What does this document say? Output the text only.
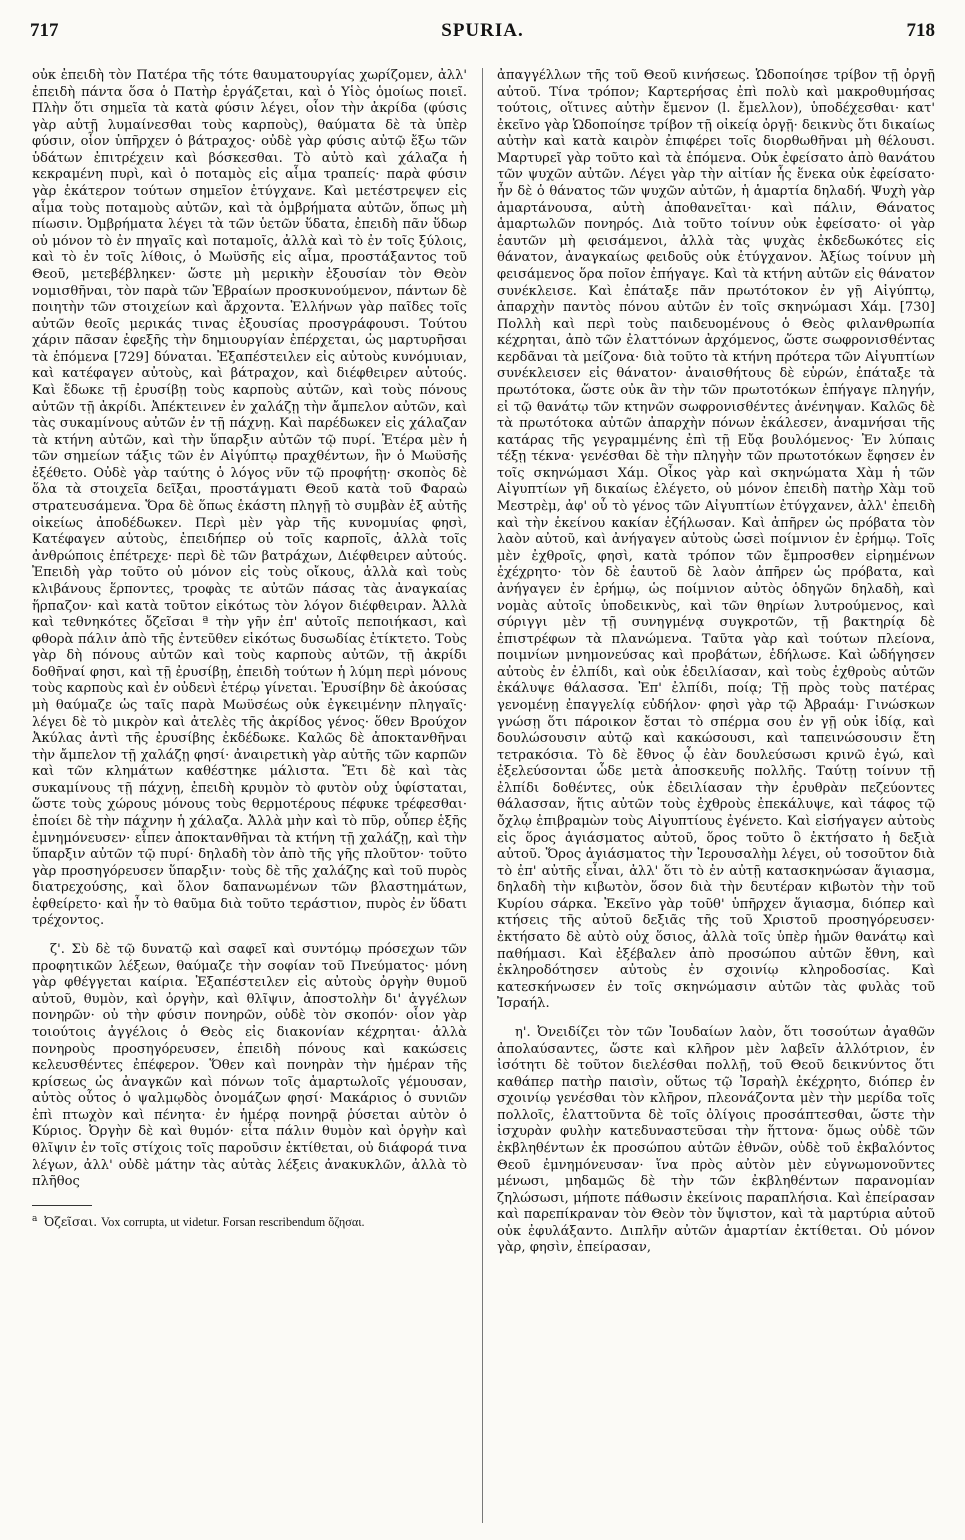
717	SPURIA.	718

οὐκ ἐπειδὴ τὸν Πατέρα τῆς τότε θαυματουργίας χωρίζομεν, ἀλλ' ἐπειδὴ πάντα ὅσα ὁ Πατὴρ ἐργάζεται, καὶ ὁ Υἱὸς ὁμοίως ποιεῖ. Πλὴν ὅτι σημεῖα τὰ κατὰ φύσιν λέγει, οἷον τὴν ἀκρίδα (φύσις γὰρ αὐτῇ λυμαίνεσθαι τοὺς καρποὺς), θαύματα δὲ τὰ ὑπὲρ φύσιν, οἷον ὑπῆρχεν ὁ βάτραχος· οὐδὲ γὰρ φύσις αὐτῷ ἔξω τῶν ὑδάτων ἐπιτρέχειν καὶ βόσκεσθαι. Τὸ αὐτὸ καὶ χάλαζα ἡ κεκραμένη πυρὶ, καὶ ὁ ποταμὸς εἰς αἷμα τραπείς· παρὰ φύσιν γὰρ ἑκάτερον τούτων σημεῖον ἐτύγχανε. Καὶ μετέστρεψεν εἰς αἷμα τοὺς ποταμοὺς αὐτῶν, καὶ τὰ ὀμβρήματα αὐτῶν, ὅπως μὴ πίωσιν. Ὀμβρήματα λέγει τὰ τῶν ὑετῶν ὕδατα, ἐπειδὴ πᾶν ὕδωρ οὐ μόνον τὸ ἐν πηγαῖς καὶ ποταμοῖς, ἀλλὰ καὶ τὸ ἐν τοῖς ξύλοις, καὶ τὸ ἐν τοῖς λίθοις, ὁ Μωϋσῆς εἰς αἷμα, προστάξαντος τοῦ Θεοῦ, μετεβέβληκεν· ὥστε μὴ μερικὴν ἐξουσίαν τὸν Θεὸν νομισθῆναι, τὸν παρὰ τῶν Ἑβραίων προσκυνούμενον, πάντων δὲ ποιητὴν τῶν στοιχείων καὶ ἄρχοντα. Ἑλλήνων γὰρ παῖδες τοῖς αὐτῶν θεοῖς μερικάς τινας ἐξουσίας προσγράφουσι. Τούτου χάριν πᾶσαν ἐφεξῆς τὴν δημιουργίαν ἐπέρχεται, ὡς μαρτυρῆσαι τὰ ἑπόμενα [729] δύναται. Ἐξαπέστειλεν εἰς αὐτοὺς κυνόμυιαν, καὶ κατέφαγεν αὐτοὺς, καὶ βάτραχον, καὶ διέφθειρεν αὐτούς. Καὶ ἔδωκε τῇ ἐρυσίβῃ τοὺς καρποὺς αὐτῶν, καὶ τοὺς πόνους αὐτῶν τῇ ἀκρίδι. Ἀπέκτεινεν ἐν χαλάζῃ τὴν ἄμπελον αὐτῶν, καὶ τὰς συκαμίνους αὐτῶν ἐν τῇ πάχνῃ. Καὶ παρέδωκεν εἰς χάλαζαν τὰ κτήνη αὐτῶν, καὶ τὴν ὕπαρξιν αὐτῶν τῷ πυρί. Ἑτέρα μὲν ἡ τῶν σημείων τάξις τῶν ἐν Αἰγύπτῳ πραχθέντων, ἣν ὁ Μωϋσῆς ἐξέθετο. Οὐδὲ γὰρ ταύτης ὁ λόγος νῦν τῷ προφήτῃ· σκοπὸς δὲ ὅλα τὰ στοιχεῖα δεῖξαι, προστάγματι Θεοῦ κατὰ τοῦ Φαραὼ στρατευσάμενα. Ὅρα δὲ ὅπως ἑκάστη πληγῇ τὸ συμβὰν ἐξ αὐτῆς οἰκείως ἀποδέδωκεν. Περὶ μὲν γὰρ τῆς κυνομυίας φησὶ, Κατέφαγεν αὐτοὺς, ἐπειδήπερ οὐ τοῖς καρποῖς, ἀλλὰ τοῖς ἀνθρώποις ἐπέτρεχε· περὶ δὲ τῶν βατράχων, Διέφθειρεν αὐτούς. Ἐπειδὴ γὰρ τοῦτο οὐ μόνον εἰς τοὺς οἴκους, ἀλλὰ καὶ τοὺς κλιβάνους ἕρποντες, τροφὰς τε αὐτῶν πάσας τὰς ἀναγκαίας ἥρπαζον· καὶ κατὰ τοῦτον εἰκότως τὸν λόγον διέφθειραν. Ἀλλὰ καὶ τεθνηκότες ὄζεῖσαι ª τὴν γῆν ἐπ' αὐτοῖς πεποιήκασι, καὶ φθορὰ πάλιν ἀπὸ τῆς ἐντεῦθεν εἰκότως δυσωδίας ἐτίκτετο. Τοὺς γὰρ δὴ πόνους αὐτῶν καὶ τοὺς καρποὺς αὐτῶν, τῇ ἀκρίδι δοθῆναί φησι, καὶ τῇ ἐρυσίβῃ, ἐπειδὴ τούτων ἡ λύμη περὶ μόνους τοὺς καρποὺς καὶ ἐν οὐδενὶ ἑτέρῳ γίνεται. Ἐρυσίβην δὲ ἀκούσας μὴ θαύμαζε ὡς ταῖς παρὰ Μωϋσέως οὐκ ἐγκειμένην πληγαῖς· λέγει δὲ τὸ μικρὸν καὶ ἀτελὲς τῆς ἀκρίδος γένος· ὅθεν Βρούχον Ἀκύλας ἀντὶ τῆς ἐρυσίβης ἐκδέδωκε. Καλῶς δὲ ἀποκτανθῆναι τὴν ἄμπελον τῇ χαλάζῃ φησί· ἀναιρετικὴ γὰρ αὐτῆς τῶν καρπῶν καὶ τῶν κλημάτων καθέστηκε μάλιστα. Ἔτι δὲ καὶ τὰς συκαμίνους τῇ πάχνῃ, ἐπειδὴ κρυμὸν τὸ φυτὸν οὐχ ὑφίσταται, ὥστε τοὺς χώρους μόνους τοὺς θερμοτέρους πέφυκε τρέφεσθαι· ἐποίει δὲ τὴν πάχνην ἡ χάλαζα. Ἀλλὰ μὴν καὶ τὸ πῦρ, οὗπερ ἑξῆς ἐμνημόνευσεν· εἶπεν ἀποκτανθῆναι τὰ κτήνη τῇ χαλάζῃ, καὶ τὴν ὕπαρξιν αὐτῶν τῷ πυρί· δηλαδὴ τὸν ἀπὸ τῆς γῆς πλοῦτον· τοῦτο γὰρ προσηγόρευσεν ὕπαρξιν· τοὺς δὲ τῆς χαλάζης καὶ τοῦ πυρὸς διατρεχούσης, καὶ ὅλον δαπανωμένων τῶν βλαστημάτων, ἐφθείρετο· καὶ ἦν τὸ θαῦμα διὰ τοῦτο τεράστιον, πυρὸς ἐν ὕδατι τρέχοντος.

ζ'. Σὺ δὲ τῷ δυνατῷ καὶ σαφεῖ καὶ συντόμῳ πρόσεχων τῶν προφητικῶν λέξεων, θαύμαζε τὴν σοφίαν τοῦ Πνεύματος· μόνη γὰρ φθέγγεται καίρια. Ἐξαπέστειλεν εἰς αὐτοὺς ὀργὴν θυμοῦ αὐτοῦ, θυμὸν, καὶ ὀργὴν, καὶ θλῖψιν, ἀποστολὴν δι' ἀγγέλων πονηρῶν· οὐ τὴν φύσιν πονηρῶν, οὐδὲ τὸν σκοπόν· οἷον γὰρ τοιούτοις ἀγγέλοις ὁ Θεὸς εἰς διακονίαν κέχρηται· ἀλλὰ πονηροὺς προσηγόρευσεν, ἐπειδὴ πόνους καὶ κακώσεις κελευσθέντες ἐπέφερον. Ὅθεν καὶ πονηρὰν τὴν ἡμέραν τῆς κρίσεως ὡς ἀναγκῶν καὶ πόνων τοῖς ἁμαρτωλοῖς γέμουσαν, αὐτὸς οὗτος ὁ ψαλμῳδὸς ὀνομάζων φησί· Μακάριος ὁ συνιῶν ἐπὶ πτωχὸν καὶ πένητα· ἐν ἡμέρᾳ πονηρᾷ ῥύσεται αὐτὸν ὁ Κύριος. Ὀργὴν δὲ καὶ θυμόν· εἶτα πάλιν θυμὸν καὶ ὀργὴν καὶ θλῖψιν ἐν τοῖς στίχοις τοῖς παροῦσιν ἐκτίθεται, οὐ διάφορά τινα λέγων, ἀλλ' οὐδὲ μάτην τὰς αὐτὰς λέξεις ἀνακυκλῶν, ἀλλὰ τὸ πλῆθος

$^a$ Ὀζεῖσαι. Vox corrupta, ut videtur. Forsan rescribendum ὄζησαι.

ἀπαγγέλλων τῆς τοῦ Θεοῦ κινήσεως. Ὡδοποίησε τρίβον τῇ ὀργῇ αὐτοῦ. Τίνα τρόπον; Καρτερήσας ἐπὶ πολὺ καὶ μακροθυμήσας τούτοις, οἵτινες αὐτὴν ἔμενον (l. ἔμελλον), ὑποδέχεσθαι· κατ' ἐκεῖνο γὰρ Ὡδοποίησε τρίβον τῇ οἰκείᾳ ὀργῇ· δεικνὺς ὅτι δικαίως αὐτὴν καὶ κατὰ καιρὸν ἐπιφέρει τοῖς διορθωθῆναι μὴ θέλουσι. Μαρτυρεῖ γὰρ τοῦτο καὶ τὰ ἑπόμενα. Οὐκ ἐφείσατο ἀπὸ θανάτου τῶν ψυχῶν αὐτῶν. Λέγει γὰρ τὴν αἰτίαν ἧς ἕνεκα οὐκ ἐφείσατο· ἦν δὲ ὁ θάνατος τῶν ψυχῶν αὐτῶν, ἡ ἁμαρτία δηλαδή. Ψυχὴ γὰρ ἁμαρτάνουσα, αὐτὴ ἀποθανεῖται· καὶ πάλιν, Θάνατος ἁμαρτωλῶν πονηρός. Διὰ τοῦτο τοίνυν οὐκ ἐφείσατο· οἱ γὰρ ἑαυτῶν μὴ φεισάμενοι, ἀλλὰ τὰς ψυχὰς ἐκδεδωκότες εἰς θάνατον, ἀναγκαίως φειδοῦς οὐκ ἐτύγχανον. Ἀξίως τοίνυν μὴ φεισάμενος ὅρα ποῖον ἐπήγαγε. Καὶ τὰ κτήνη αὐτῶν εἰς θάνατον συνέκλεισε. Καὶ ἐπάταξε πᾶν πρωτότοκον ἐν γῇ Αἰγύπτῳ, ἀπαρχὴν παντὸς πόνου αὐτῶν ἐν τοῖς σκηνώμασι Χάμ. [730] Πολλὴ καὶ περὶ τοὺς παιδευομένους ὁ Θεὸς φιλανθρωπία κέχρηται, ἀπὸ τῶν ἐλαττόνων ἀρχόμενος, ὥστε σωφρονισθέντας κερδᾶναι τὰ μείζονα· διὰ τοῦτο τὰ κτήνη πρότερα τῶν Αἰγυπτίων συνέκλεισεν εἰς θάνατον· ἀναισθήτους δὲ εὑρών, ἐπάταξε τὰ πρωτότοκα, ὥστε οὐκ ἂν τὴν τῶν πρωτοτόκων ἐπήγαγε πληγήν, εἰ τῷ θανάτῳ τῶν κτηνῶν σωφρονισθέντες ἀνένηψαν. Καλῶς δὲ τὰ πρωτότοκα αὐτῶν ἀπαρχὴν πόνων ἐκάλεσεν, ἀναμνήσαι τῆς κατάρας τῆς γεγραμμένης ἐπὶ τῇ Εὔᾳ βουλόμενος· Ἐν λύπαις τέξῃ τέκνα· γενέσθαι δὲ τὴν πληγὴν τῶν πρωτοτόκων ἔφησεν ἐν τοῖς σκηνώμασι Χάμ. Οἶκος γὰρ καὶ σκηνώματα Χὰμ ἡ τῶν Αἰγυπτίων γῆ δικαίως ἐλέγετο, οὐ μόνον ἐπειδὴ πατὴρ Χὰμ τοῦ Μεστρὲμ, ἀφ' οὗ τὸ γένος τῶν Αἰγυπτίων ἐτύγχανεν, ἀλλ' ἐπειδὴ καὶ τὴν ἐκείνου κακίαν ἐζήλωσαν. Καὶ ἀπῆρεν ὡς πρόβατα τὸν λαὸν αὐτοῦ, καὶ ἀνήγαγεν αὐτοὺς ὡσεὶ ποίμνιον ἐν ἐρήμῳ. Τοῖς μὲν ἐχθροῖς, φησὶ, κατὰ τρόπον τῶν ἔμπροσθεν εἰρημένων ἐχέχρητο· τὸν δὲ ἑαυτοῦ δὲ λαὸν ἀπῆρεν ὡς πρόβατα, καὶ ἀνήγαγεν ἐν ἐρήμῳ, ὡς ποίμνιον αὐτὸς ὁδηγῶν δηλαδὴ, καὶ νομὰς αὐτοῖς ὑποδεικνὺς, καὶ τῶν θηρίων λυτρούμενος, καὶ σύριγγι μὲν τῇ συνηγμένᾳ συγκροτῶν, τῇ βακτηρίᾳ δὲ ἐπιστρέφων τὰ πλανώμενα. Ταῦτα γὰρ καὶ τούτων πλείονα, ποιμνίων μνημονεύσας καὶ προβάτων, ἐδήλωσε. Καὶ ὡδήγησεν αὐτοὺς ἐν ἐλπίδι, καὶ οὐκ ἐδειλίασαν, καὶ τοὺς ἐχθροὺς αὐτῶν ἐκάλυψε θάλασσα. Ἐπ' ἐλπίδι, ποίᾳ; Τῇ πρὸς τοὺς πατέρας γενομένῃ ἐπαγγελίᾳ εὐδήλον· φησὶ γὰρ τῷ Ἀβραάμ· Γινώσκων γνώσῃ ὅτι πάροικον ἔσται τὸ σπέρμα σου ἐν γῇ οὐκ ἰδίᾳ, καὶ δουλώσουσιν αὐτῷ καὶ κακώσουσι, καὶ ταπεινώσουσιν ἔτη τετρακόσια. Τὸ δὲ ἔθνος ᾧ ἐὰν δουλεύσωσι κρινῶ ἐγώ, καὶ ἐξελεύσονται ὧδε μετὰ ἀποσκευῆς πολλῆς. Ταύτῃ τοίνυν τῇ ἐλπίδι δοθέντες, οὐκ ἐδειλίασαν τὴν ἐρυθρὰν πεζεύοντες θάλασσαν, ἥτις αὐτῶν τοὺς ἐχθροὺς ἐπεκάλυψε, καὶ τάφος τῷ ὄχλῳ ἐπιβραμὼν τοὺς Αἰγυπτίους ἐγένετο. Καὶ εἰσήγαγεν αὐτοὺς εἰς ὅρος ἁγιάσματος αὐτοῦ, ὅρος τοῦτο ὃ ἐκτήσατο ἡ δεξιὰ αὐτοῦ. Ὅρος ἁγιάσματος τὴν Ἱερουσαλὴμ λέγει, οὐ τοσοῦτον διὰ τὸ ἐπ' αὐτῆς εἶναι, ἀλλ' ὅτι τὸ ἐν αὐτῇ κατασκηνώσαν ἅγιασμα, δηλαδὴ τὴν κιβωτὸν, ὅσον διὰ τὴν δευτέραν κιβωτὸν τὴν τοῦ Κυρίου σάρκα. Ἐκεῖνο γὰρ τοῦθ' ὑπῆρχεν ἅγιασμα, διόπερ καὶ κτήσεις τῆς αὐτοῦ δεξιᾶς τῆς τοῦ Χριστοῦ προσηγόρευσεν· ἐκτήσατο δὲ αὐτὸ οὐχ ὅσιος, ἀλλὰ τοῖς ὑπὲρ ἡμῶν θανάτῳ καὶ παθήμασι. Καὶ ἐξέβαλεν ἀπὸ προσώπου αὐτῶν ἔθνη, καὶ ἐκληροδότησεν αὐτοὺς ἐν σχοινίῳ κληροδοσίας. Καὶ κατεσκήνωσεν ἐν τοῖς σκηνώμασιν αὐτῶν τὰς φυλὰς τοῦ Ἰσραήλ.

η'. Ὀνειδίζει τὸν τῶν Ἰουδαίων λαὸν, ὅτι τοσούτων ἀγαθῶν ἀπολαύσαντες, ὥστε καὶ κλῆρον μὲν λαβεῖν ἀλλότριον, ἐν ἰσότητι δὲ τοῦτον διελέσθαι πολλῇ, τοῦ Θεοῦ δεικνύντος ὅτι καθάπερ πατὴρ παισὶν, οὕτως τῷ Ἰσραὴλ ἐκέχρητο, διόπερ ἐν σχοινίῳ γενέσθαι τὸν κλῆρον, πλεονάζοντα μὲν τὴν μερίδα τοῖς πολλοῖς, ἐλαττοῦντα δὲ τοῖς ὀλίγοις προσάπτεσθαι, ὥστε τὴν ἰσχυρὰν φυλὴν κατεδυναστεῦσαι τὴν ἥττονα· ὅμως οὐδὲ τῶν ἐκβληθέντων ἐκ προσώπου αὐτῶν ἐθνῶν, οὐδὲ τοῦ ἐκβαλόντος Θεοῦ ἐμνημόνευσαν· ἵνα πρὸς αὐτὸν μὲν εὐγνωμονοῦντες μένωσι, μηδαμῶς δὲ τὴν τῶν ἐκβληθέντων παρανομίαν ζηλώσωσι, μήποτε πάθωσιν ἐκείνοις παραπλήσια. Καὶ ἐπείρασαν καὶ παρεπίκραναν τὸν Θεὸν τὸν ὕψιστον, καὶ τὰ μαρτύρια αὐτοῦ οὐκ ἐφυλάξαντο. Διπλῆν αὐτῶν ἁμαρτίαν ἐκτίθεται. Οὐ μόνον γὰρ, φησὶν, ἐπείρασαν,
